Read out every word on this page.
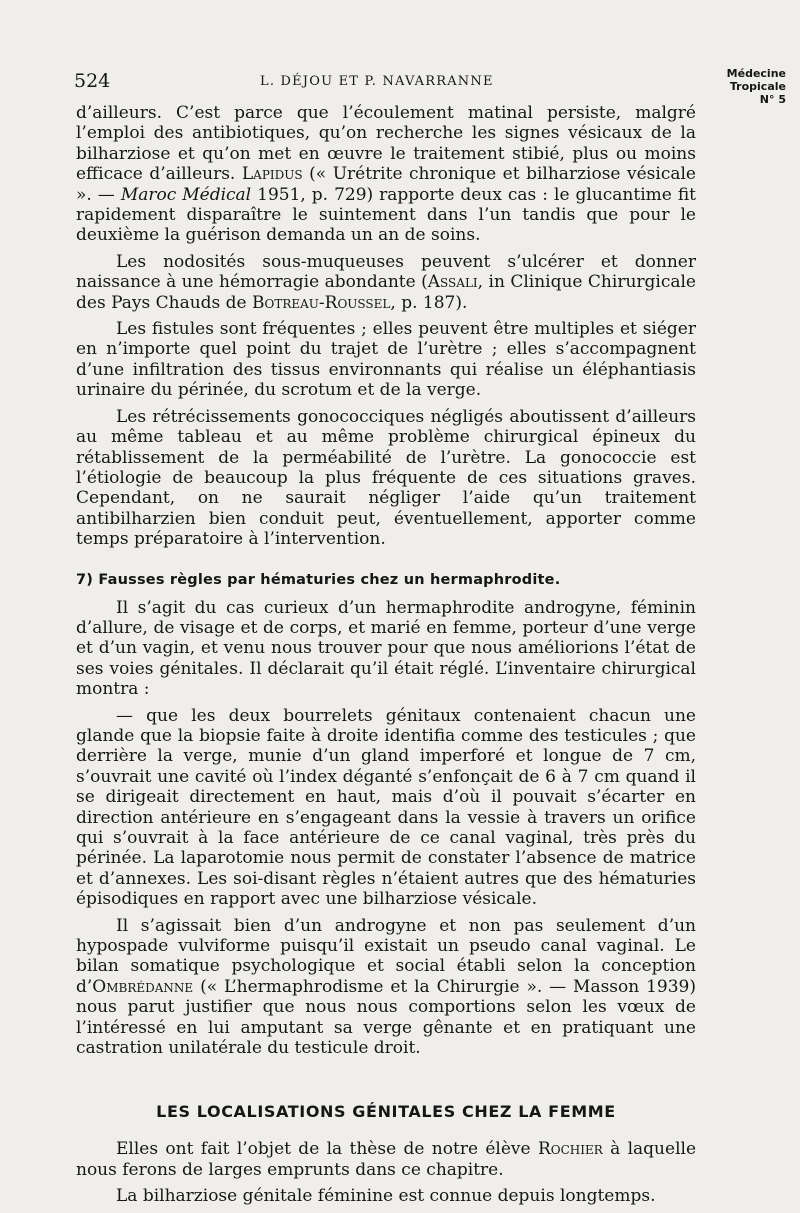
524	L. DÉJOU ET P. NAVARRANNE
Médecine
Tropicale
N° 5

d’ailleurs. C’est parce que l’écoulement matinal persiste, malgré l’emploi des antibiotiques, qu’on recherche les signes vésicaux de la bilharziose et qu’on met en œuvre le traitement stibié, plus ou moins efficace d’ailleurs. Lapidus (« Urétrite chronique et bilharziose vésicale ». — Maroc Médical 1951, p. 729) rapporte deux cas : le glucantime fit rapidement disparaître le suintement dans l’un tandis que pour le deuxième la guérison demanda un an de soins.

Les nodosités sous-muqueuses peuvent s’ulcérer et donner naissance à une hémorragie abondante (Assali, in Clinique Chirurgicale des Pays Chauds de Botreau-Roussel, p. 187).

Les fistules sont fréquentes ; elles peuvent être multiples et siéger en n’importe quel point du trajet de l’urètre ; elles s’accompagnent d’une infiltration des tissus environnants qui réalise un éléphantiasis urinaire du périnée, du scrotum et de la verge.

Les rétrécissements gonococciques négligés aboutissent d’ailleurs au même tableau et au même problème chirurgical épineux du rétablissement de la perméabilité de l’urètre. La gonococcie est l’étiologie de beaucoup la plus fréquente de ces situations graves. Cependant, on ne saurait négliger l’aide qu’un traitement antibilharzien bien conduit peut, éventuellement, apporter comme temps préparatoire à l’intervention.

7) Fausses règles par hématuries chez un hermaphrodite.

Il s’agit du cas curieux d’un hermaphrodite androgyne, féminin d’allure, de visage et de corps, et marié en femme, porteur d’une verge et d’un vagin, et venu nous trouver pour que nous améliorions l’état de ses voies génitales. Il déclarait qu’il était réglé. L’inventaire chirurgical montra :

— que les deux bourrelets génitaux contenaient chacun une glande que la biopsie faite à droite identifia comme des testicules ; que derrière la verge, munie d’un gland imperforé et longue de 7 cm, s’ouvrait une cavité où l’index déganté s’enfonçait de 6 à 7 cm quand il se dirigeait directement en haut, mais d’où il pouvait s’écarter en direction antérieure en s’engageant dans la vessie à travers un orifice qui s’ouvrait à la face antérieure de ce canal vaginal, très près du périnée. La laparotomie nous permit de constater l’absence de matrice et d’annexes. Les soi-disant règles n’étaient autres que des hématuries épisodiques en rapport avec une bilharziose vésicale.

Il s’agissait bien d’un androgyne et non pas seulement d’un hypospade vulviforme puisqu’il existait un pseudo canal vaginal. Le bilan somatique psychologique et social établi selon la conception d’Ombrédanne (« L’hermaphrodisme et la Chirurgie ». — Masson 1939) nous parut justifier que nous nous comportions selon les vœux de l’intéressé en lui amputant sa verge gênante et en pratiquant une castration unilatérale du testicule droit.

LES LOCALISATIONS GÉNITALES CHEZ LA FEMME

Elles ont fait l’objet de la thèse de notre élève Rochier à laquelle nous ferons de larges emprunts dans ce chapitre.

La bilharziose génitale féminine est connue depuis longtemps.
